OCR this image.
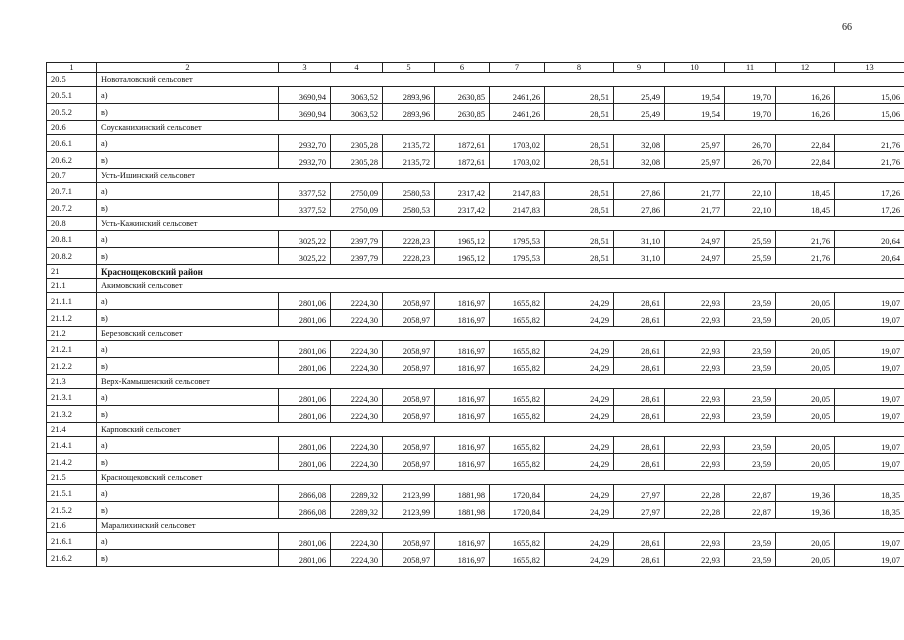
66
1	2	3	4	5	6	7	8	9	10	11	12	13
20.5	Новоталовский сельсовет											
20.5.1	а)	3690,94	3063,52	2893,96	2630,85	2461,26	28,51	25,49	19,54	19,70	16,26	15,06
20.5.2	в)	3690,94	3063,52	2893,96	2630,85	2461,26	28,51	25,49	19,54	19,70	16,26	15,06
20.6	Соусканихинский сельсовет											
20.6.1	а)	2932,70	2305,28	2135,72	1872,61	1703,02	28,51	32,08	25,97	26,70	22,84	21,76
20.6.2	в)	2932,70	2305,28	2135,72	1872,61	1703,02	28,51	32,08	25,97	26,70	22,84	21,76
20.7	Усть-Ишинский сельсовет											
20.7.1	а)	3377,52	2750,09	2580,53	2317,42	2147,83	28,51	27,86	21,77	22,10	18,45	17,26
20.7.2	в)	3377,52	2750,09	2580,53	2317,42	2147,83	28,51	27,86	21,77	22,10	18,45	17,26
20.8	Усть-Кажинский сельсовет											
20.8.1	а)	3025,22	2397,79	2228,23	1965,12	1795,53	28,51	31,10	24,97	25,59	21,76	20,64
20.8.2	в)	3025,22	2397,79	2228,23	1965,12	1795,53	28,51	31,10	24,97	25,59	21,76	20,64
21	Краснощековский район											
21.1	Акимовский сельсовет											
21.1.1	а)	2801,06	2224,30	2058,97	1816,97	1655,82	24,29	28,61	22,93	23,59	20,05	19,07
21.1.2	в)	2801,06	2224,30	2058,97	1816,97	1655,82	24,29	28,61	22,93	23,59	20,05	19,07
21.2	Березовский сельсовет											
21.2.1	а)	2801,06	2224,30	2058,97	1816,97	1655,82	24,29	28,61	22,93	23,59	20,05	19,07
21.2.2	в)	2801,06	2224,30	2058,97	1816,97	1655,82	24,29	28,61	22,93	23,59	20,05	19,07
21.3	Верх-Камышенский сельсовет											
21.3.1	а)	2801,06	2224,30	2058,97	1816,97	1655,82	24,29	28,61	22,93	23,59	20,05	19,07
21.3.2	в)	2801,06	2224,30	2058,97	1816,97	1655,82	24,29	28,61	22,93	23,59	20,05	19,07
21.4	Карповский сельсовет											
21.4.1	а)	2801,06	2224,30	2058,97	1816,97	1655,82	24,29	28,61	22,93	23,59	20,05	19,07
21.4.2	в)	2801,06	2224,30	2058,97	1816,97	1655,82	24,29	28,61	22,93	23,59	20,05	19,07
21.5	Краснощековский сельсовет											
21.5.1	а)	2866,08	2289,32	2123,99	1881,98	1720,84	24,29	27,97	22,28	22,87	19,36	18,35
21.5.2	в)	2866,08	2289,32	2123,99	1881,98	1720,84	24,29	27,97	22,28	22,87	19,36	18,35
21.6	Маралихинский сельсовет											
21.6.1	а)	2801,06	2224,30	2058,97	1816,97	1655,82	24,29	28,61	22,93	23,59	20,05	19,07
21.6.2	в)	2801,06	2224,30	2058,97	1816,97	1655,82	24,29	28,61	22,93	23,59	20,05	19,07
